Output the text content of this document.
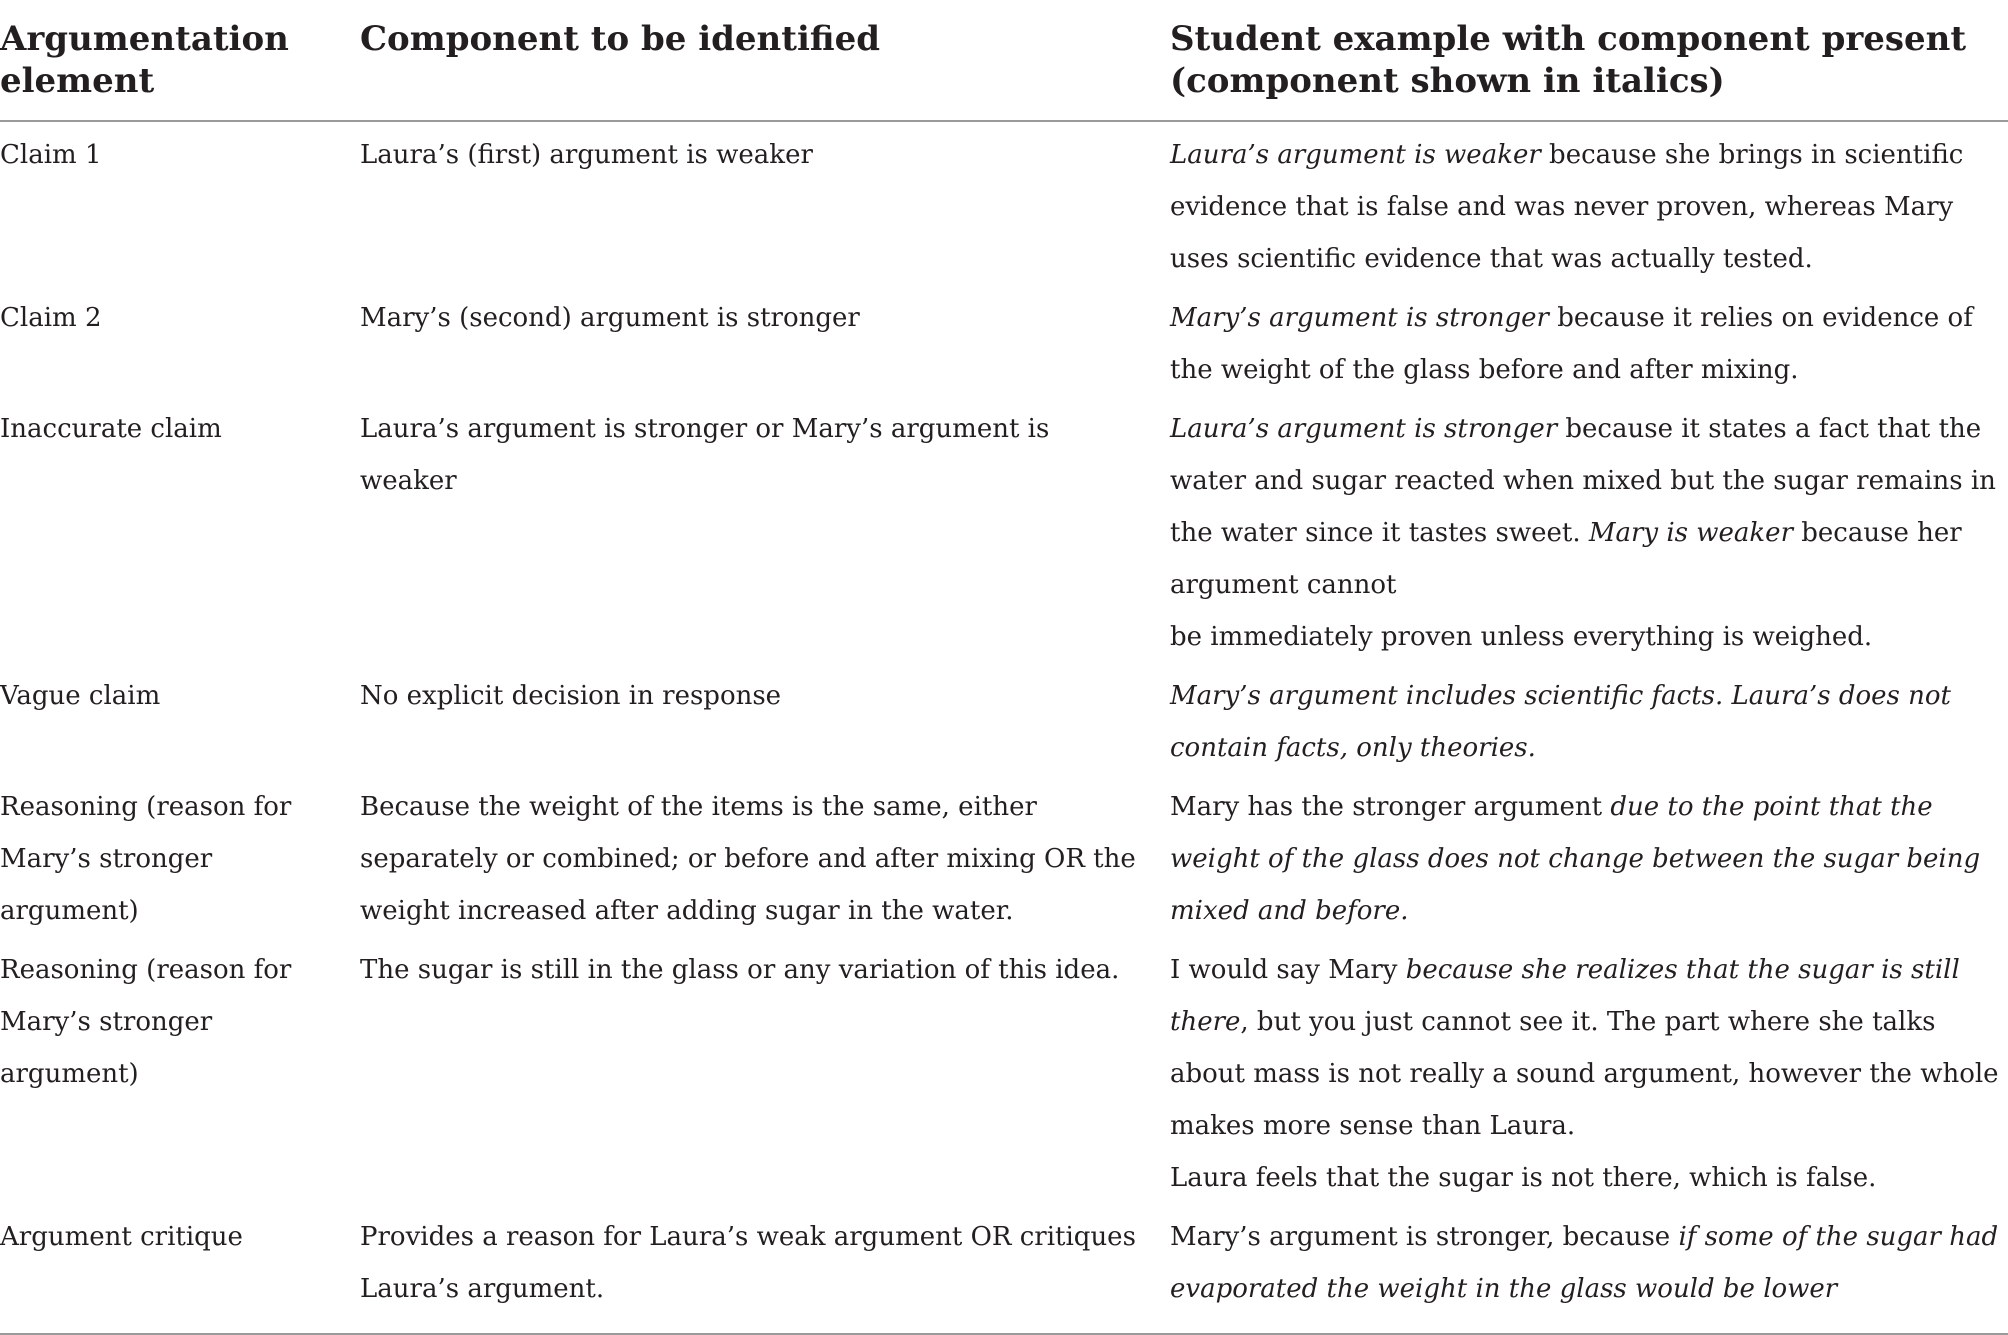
Argumentation
element	Component to be identified	Student example with component present
(component shown in italics)

Claim 1	Laura’s (first) argument is weaker	Laura’s argument is weaker because she brings in scientific evidence that is false and was never proven, whereas Mary uses scientific evidence that was actually tested.
Claim 2	Mary’s (second) argument is stronger	Mary’s argument is stronger because it relies on evidence of the weight of the glass before and after mixing.
Inaccurate claim	Laura’s argument is stronger or Mary’s argument is weaker	Laura’s argument is stronger because it states a fact that the water and sugar reacted when mixed but the sugar remains in the water since it tastes sweet. Mary is weaker because her argument cannot
be immediately proven unless everything is weighed.

Vague claim	No explicit decision in response	Mary’s argument includes scientific facts. Laura’s does not contain facts, only theories.

Reasoning (reason for
Mary’s stronger argument)	Because the weight of the items is the same, either separately or combined; or before and after mixing OR the weight increased after adding sugar in the water.	Mary has the stronger argument due to the point that the weight of the glass does not change between the sugar being mixed and before.

Reasoning (reason for
Mary’s stronger argument)	The sugar is still in the glass or any variation of this idea.	I would say Mary because she realizes that the sugar is still there, but you just cannot see it. The part where she talks about mass is not really a sound argument, however the whole makes more sense than Laura.
Laura feels that the sugar is not there, which is false.

Argument critique	Provides a reason for Laura’s weak argument OR critiques Laura’s argument.	Mary’s argument is stronger, because if some of the sugar had evaporated the weight in the glass would be lower
